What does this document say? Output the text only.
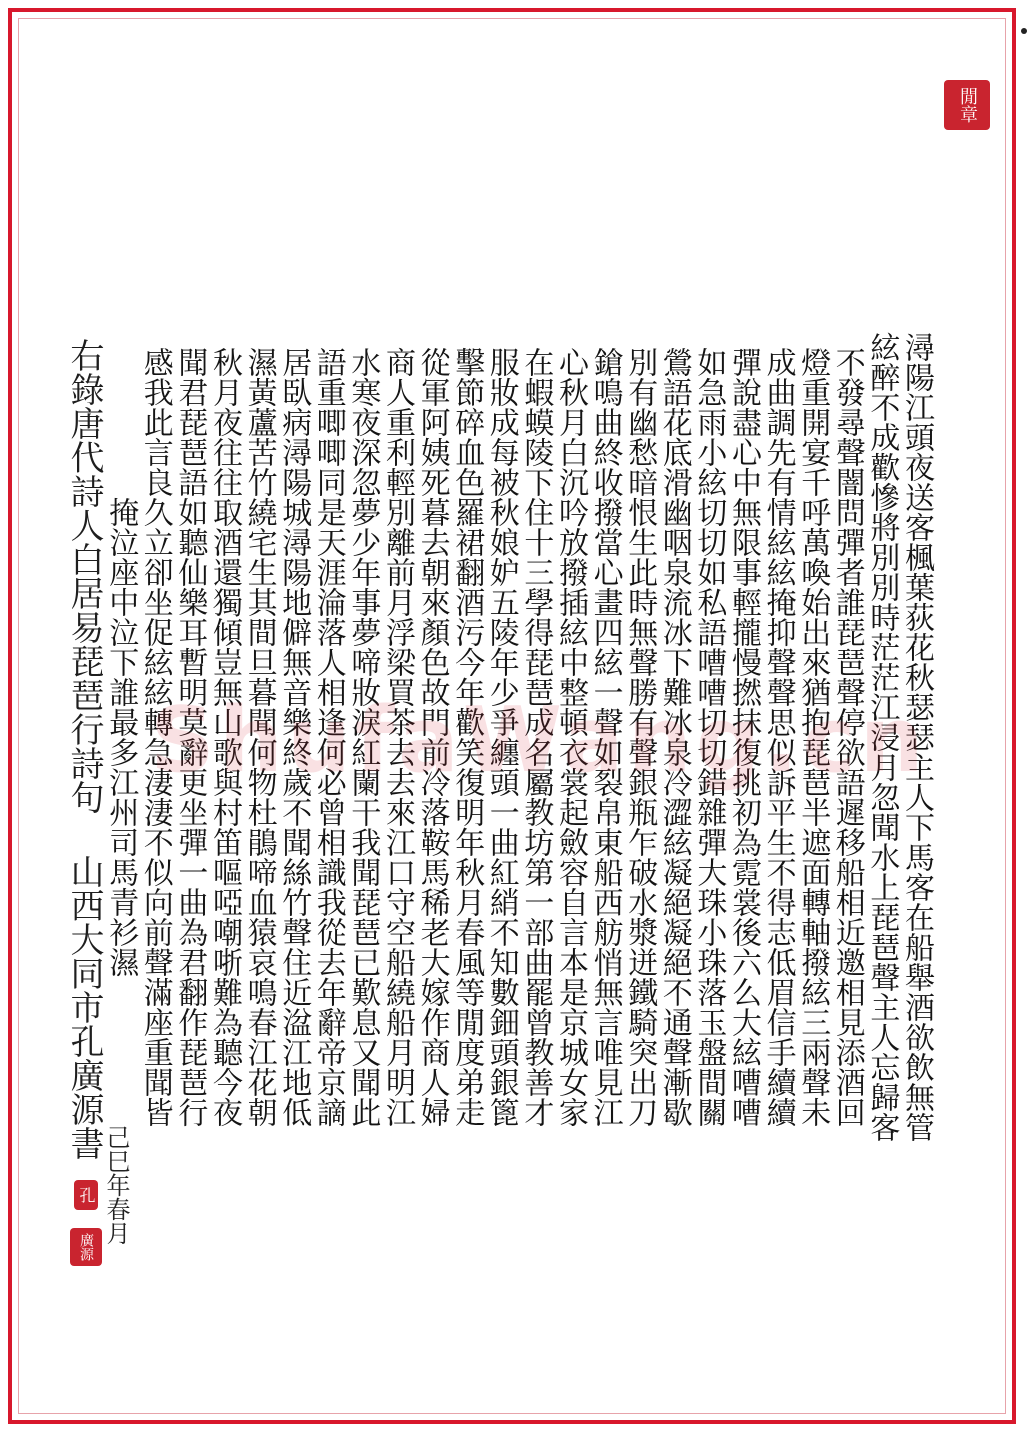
閒章
潯陽江頭夜送客楓葉荻花秋瑟瑟主人下馬客在船舉酒欲飲無管
絃醉不成歡慘將別別時茫茫江浸月忽聞水上琵琶聲主人忘歸客
不發尋聲闇問彈者誰琵琶聲停欲語遲移船相近邀相見添酒回
燈重開宴千呼萬喚始出來猶抱琵琶半遮面轉軸撥絃三兩聲未
成曲調先有情絃絃掩抑聲聲思似訴平生不得志低眉信手續續
彈說盡心中無限事輕攏慢撚抹復挑初為霓裳後六么大絃嘈嘈
如急雨小絃切切如私語嘈嘈切切錯雜彈大珠小珠落玉盤間關
鶯語花底滑幽咽泉流冰下難冰泉冷澀絃凝絕凝絕不通聲漸歇
別有幽愁暗恨生此時無聲勝有聲銀瓶乍破水漿迸鐵騎突出刀
鎗鳴曲終收撥當心畫四絃一聲如裂帛東船西舫悄無言唯見江
心秋月白沉吟放撥插絃中整頓衣裳起斂容自言本是京城女家
在蝦蟆陵下住十三學得琵琶成名屬教坊第一部曲罷曾教善才
服妝成每被秋娘妒五陵年少爭纏頭一曲紅綃不知數鈿頭銀篦
擊節碎血色羅裙翻酒污今年歡笑復明年秋月春風等閒度弟走
從軍阿姨死暮去朝來顏色故門前冷落鞍馬稀老大嫁作商人婦
商人重利輕別離前月浮梁買茶去去來江口守空船繞船月明江
水寒夜深忽夢少年事夢啼妝淚紅闌干我聞琵琶已歎息又聞此
語重唧唧同是天涯淪落人相逢何必曾相識我從去年辭帝京謫
居臥病潯陽城潯陽地僻無音樂終歲不聞絲竹聲住近湓江地低
濕黃蘆苦竹繞宅生其間旦暮聞何物杜鵑啼血猿哀鳴春江花朝
秋月夜往往取酒還獨傾豈無山歌與村笛嘔啞嘲哳難為聽今夜
聞君琵琶語如聽仙樂耳暫明莫辭更坐彈一曲為君翻作琵琶行
感我此言良久立卻坐促絃絃轉急淒淒不似向前聲滿座重聞皆
掩泣座中泣下誰最多江州司馬青衫濕
右錄唐代詩人白居易琵琶行詩句 山西大同市孔廣源書
己巳年春月
孔
廣源
ShufaWang.cn
